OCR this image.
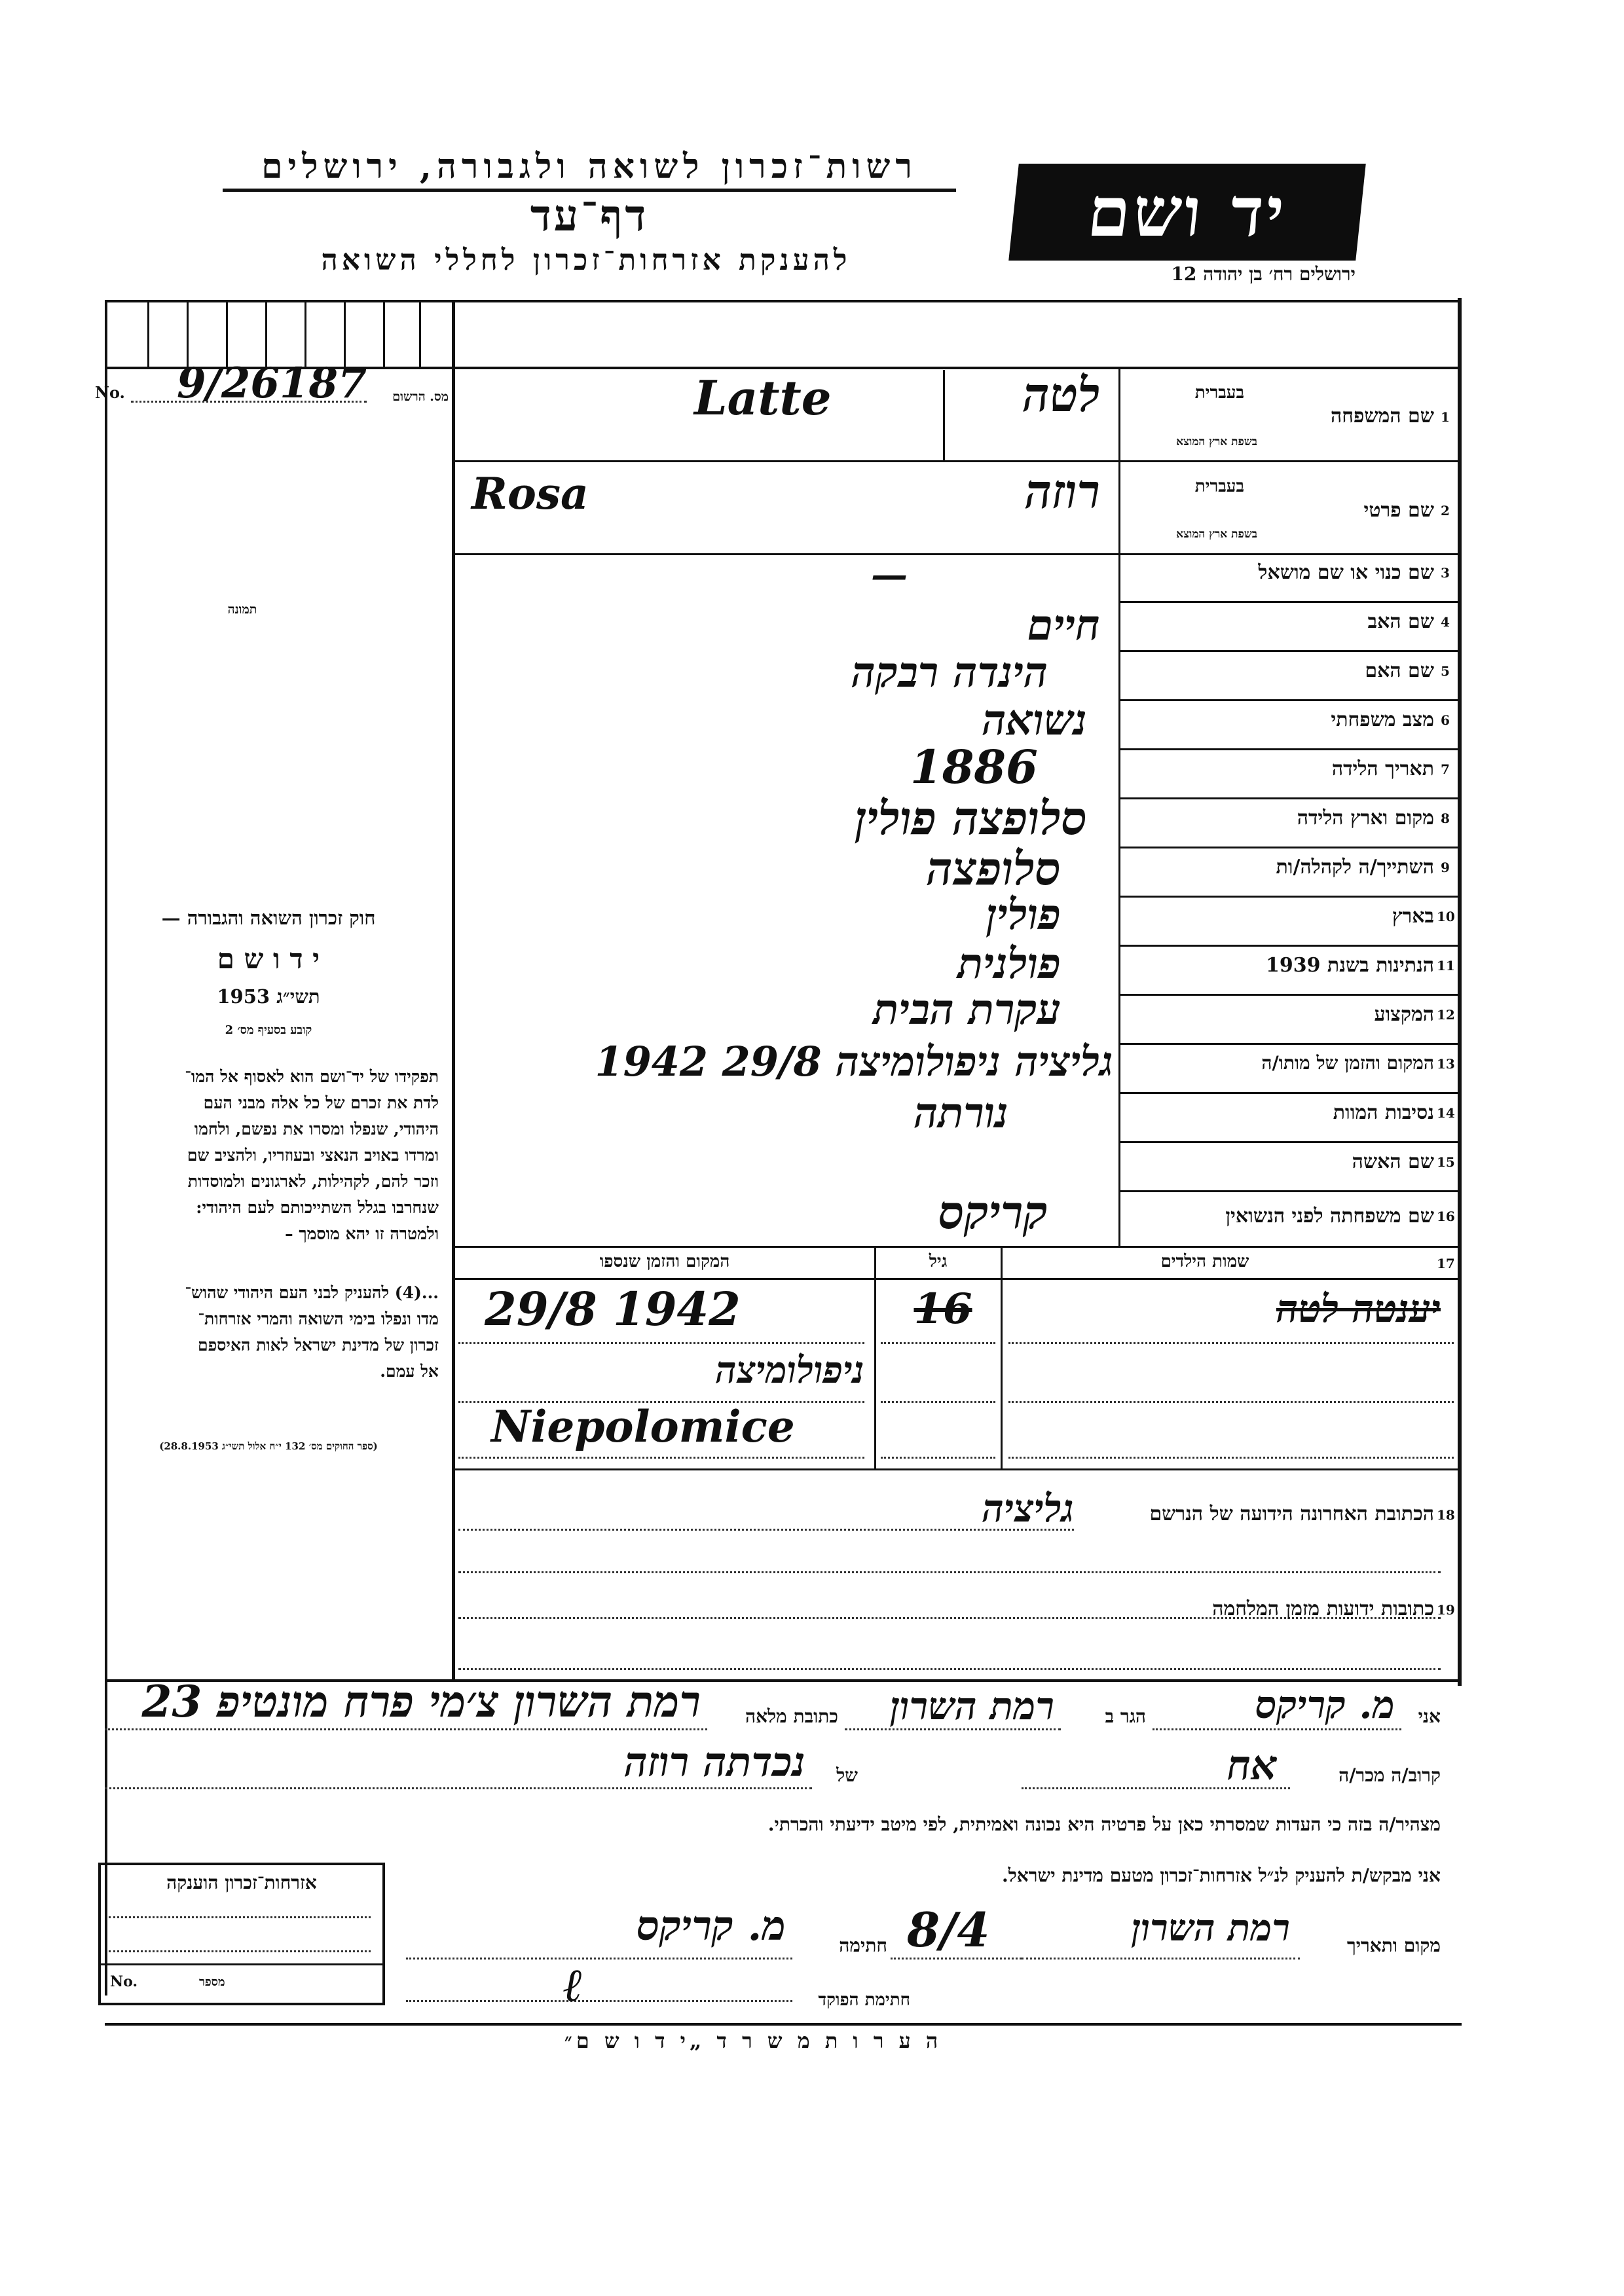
רשות־זכרון לשואה ולגבורה, ירושלים
דף־עד
להענקת אזרחות־זכרון לחללי השואה
יד ושם
ירושלים רח׳ בן יהודה 12
No. 9/26187	מס. הרשום
תמונה
חוק זכרון השואה והגבורה —
י ד ו ש ם
תשי״ג 1953
קובע בסעיף מס׳ 2
תפקידו של יד־ושם הוא לאסוף אל המו־
לדת את זכרם של כל אלה מבני העם
היהודי, שנפלו ומסרו את נפשם, ולחמו
ומרדו באויב הנאצי ובעוזריו, ולהציב שם
וזכר להם, לקהילות, לארגונים ולמוסדות
שנחרבו בגלל השתייכותם לעם היהודי:
ולמטרה זו יהא מוסמך –
...(4) להעניק לבני העם היהודי שהוש־
מדו ונפלו בימי השואה והמרי אזרחות־
זכרון של מדינת ישראל לאות האיספם
אל עמם.
(ספר החוקים מס׳ 132 י״ח אלול תשי״ג 28.8.1953)
בעברית
בשפת ארץ המוצא
שם המשפחה 1
לטה
Latte
בעברית
בשפת ארץ המוצא
שם פרטי 2
רוזה
Rosa
שם כנוי או שם מושאל 3
—
שם האב 4
חיים
שם האם 5
הינדה רבקה
מצב משפחתי 6
נשואה
תאריך הלידה 7
1886
מקום וארץ הלידה 8
סלופצה פולין
השתייך/ה לקהלה/ות 9
סלופצה
בארץ 10
פולין
הנתינות בשנת 1939 11
פולנית
המקצוע 12
עקרת הבית
המקום והזמן של מותו/ה 13
גליציה ניפולומיצה 29/8 1942
נסיבות המוות 14
נורתה
שם האשה 15
שם משפחתה לפני הנשואין 16
קריקס
המקום והזמן שנספו	גיל	שמות הילדים	17
29/8 1942	16	יענטה לטה
ניפולומיצה
Niepolomice
הכתובת האחרונה הידועה של הנרשם 18
גליציה
כתובות ידועות מזמן המלחמה 19
אני
מ. קריקס
הגר ב
רמת השרון
כתובת מלאה
רמת השרון צ׳מי פרח מונטיפ 23
קרוב/ה מכר/ה
אח
של
נכדתה רוזה
מצהיר/ה בזה כי העדות שמסרתי כאן על פרטיה היא נכונה ואמיתית, לפי מיטב ידיעתי והכרתי.
אני מבקש/ת להעניק לנ״ל אזרחות־זכרון מטעם מדינת ישראל.
מקום ותאריך
רמת השרון
8/4
חתימה
מ. קריקס
חתימת הפוקד
ℓ
אזרחות־זכרון הוענקה
No.	מספר
ה ע ר ו ת מ ש ר ד „י ד ו ש ם״
